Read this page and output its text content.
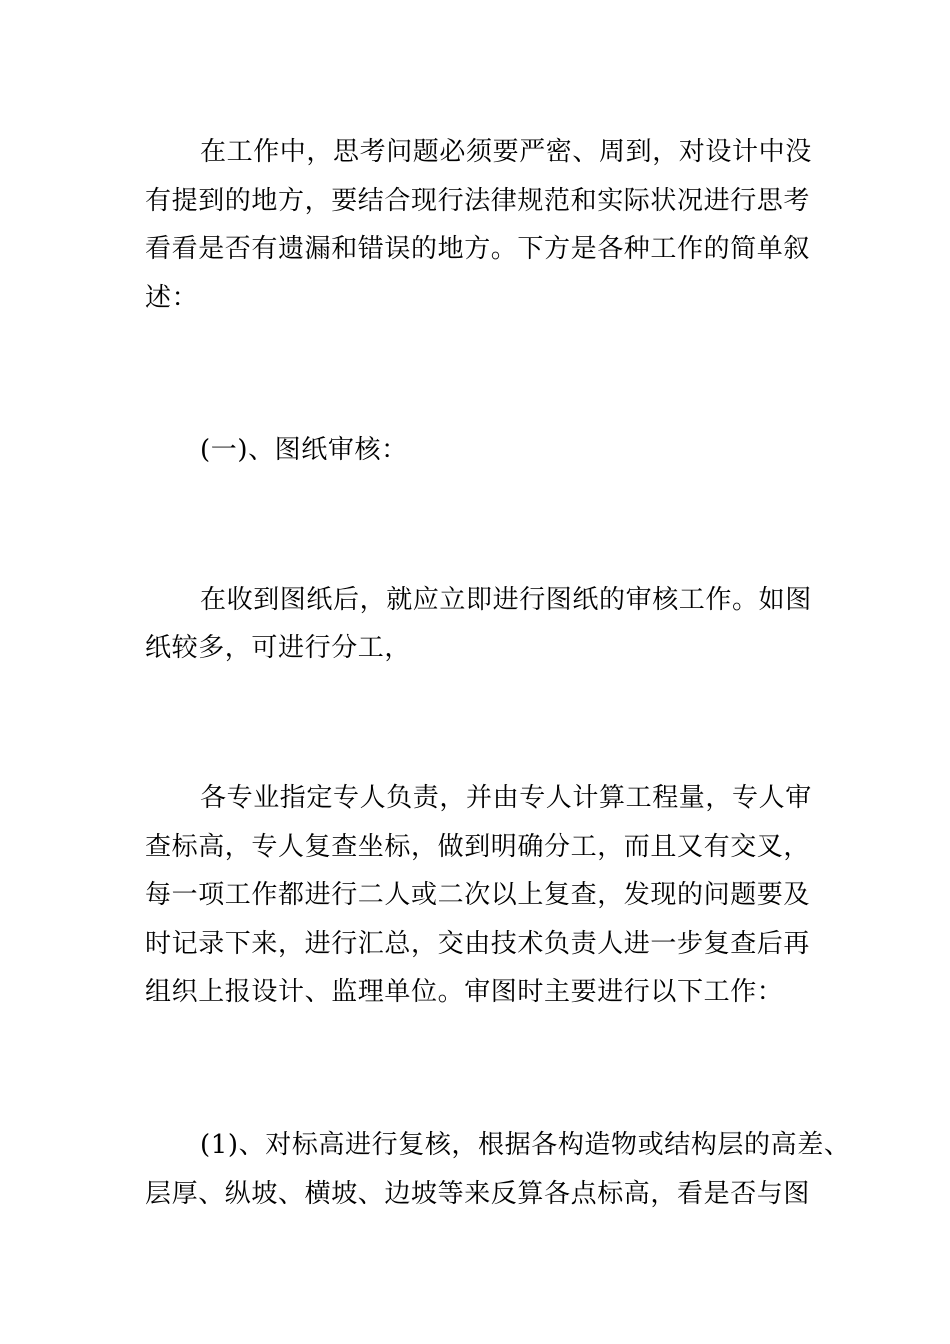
在工作中，思考问题必须要严密、周到，对设计中没
有提到的地方，要结合现行法律规范和实际状况进行思考
看看是否有遗漏和错误的地方。下方是各种工作的简单叙
述：
(一)、图纸审核：
在收到图纸后，就应立即进行图纸的审核工作。如图
纸较多，可进行分工，
各专业指定专人负责，并由专人计算工程量，专人审
查标高，专人复查坐标，做到明确分工，而且又有交叉，
每一项工作都进行二人或二次以上复查，发现的问题要及
时记录下来，进行汇总，交由技术负责人进一步复查后再
组织上报设计、监理单位。审图时主要进行以下工作：
(1)、对标高进行复核，根据各构造物或结构层的高差、
层厚、纵坡、横坡、边坡等来反算各点标高，看是否与图
